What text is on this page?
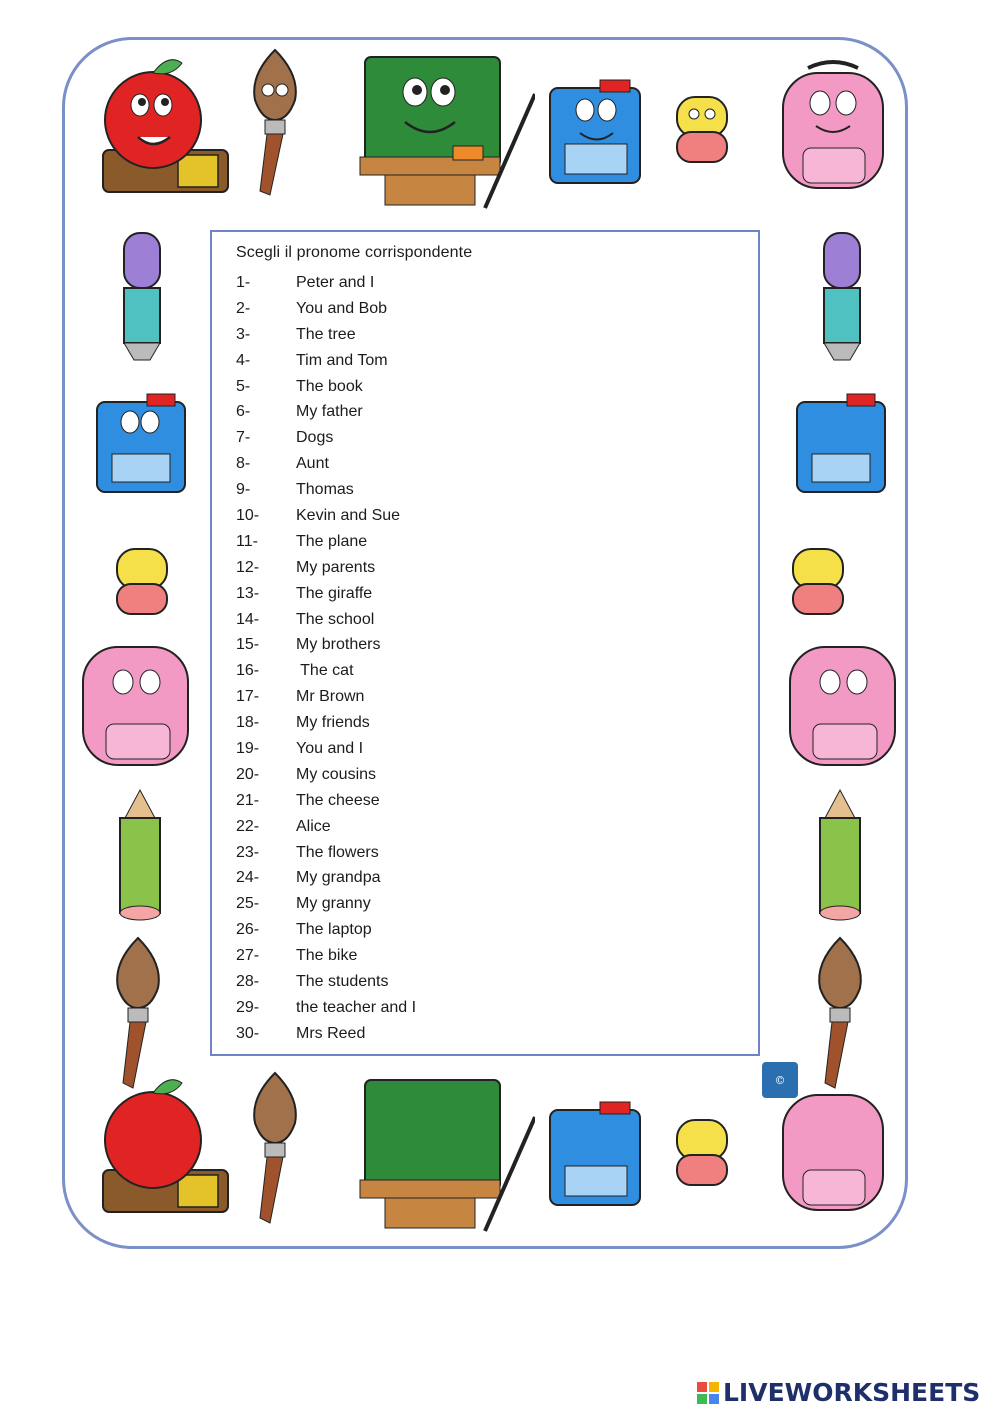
Scegli il pronome corrispondente
1-	Peter and I
2-	You and Bob
3-	The tree
4-	Tim and Tom
5-	The book
6-	My father
7-	Dogs
8-	Aunt
9-	Thomas
10-	Kevin and Sue
11-	The plane
12-	My parents
13-	The giraffe
14-	The school
15-	My brothers
16-	The cat
17-	Mr Brown
18-	My friends
19-	You and I
20-	My cousins
21-	The cheese
22-	Alice
23-	The flowers
24-	My grandpa
25-	My granny
26-	The laptop
27-	The bike
28-	The students
29-	the teacher and I
30-	Mrs Reed
©
LIVEWORKSHEETS
